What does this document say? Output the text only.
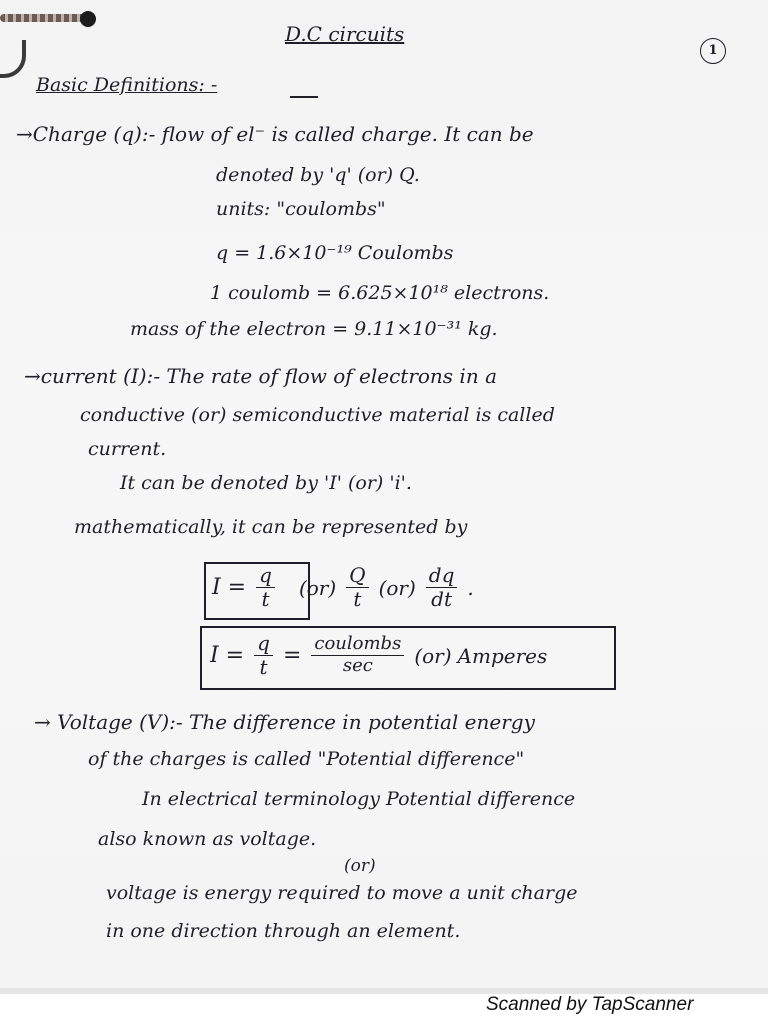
D.C circuits
1
Basic Definitions: -
→Charge (q):- flow of el⁻ is called charge. It can be
denoted by 'q' (or) Q.
units: "coulombs"
q = 1.6×10⁻¹⁹ Coulombs
1 coulomb = 6.625×10¹⁸ electrons.
mass of the electron = 9.11×10⁻³¹ kg.
→current (I):- The rate of flow of electrons in a
conductive (or) semiconductive material is called
current.
It can be denoted by 'I' (or) 'i'.
mathematically, it can be represented by
$I = \frac{q}{t} (or) \frac{Q}{t} (or) \frac{dq}{dt}$ .
$I = \frac{q}{t} = \frac{\text{coulombs}}{\sec} (or)$ Amperes
→ Voltage (V):- The difference in potential energy
of the charges is called "Potential difference"
In electrical terminology Potential difference
also known as voltage.
(or)
voltage is energy required to move a unit charge
in one direction through an element.
Scanned by TapScanner
